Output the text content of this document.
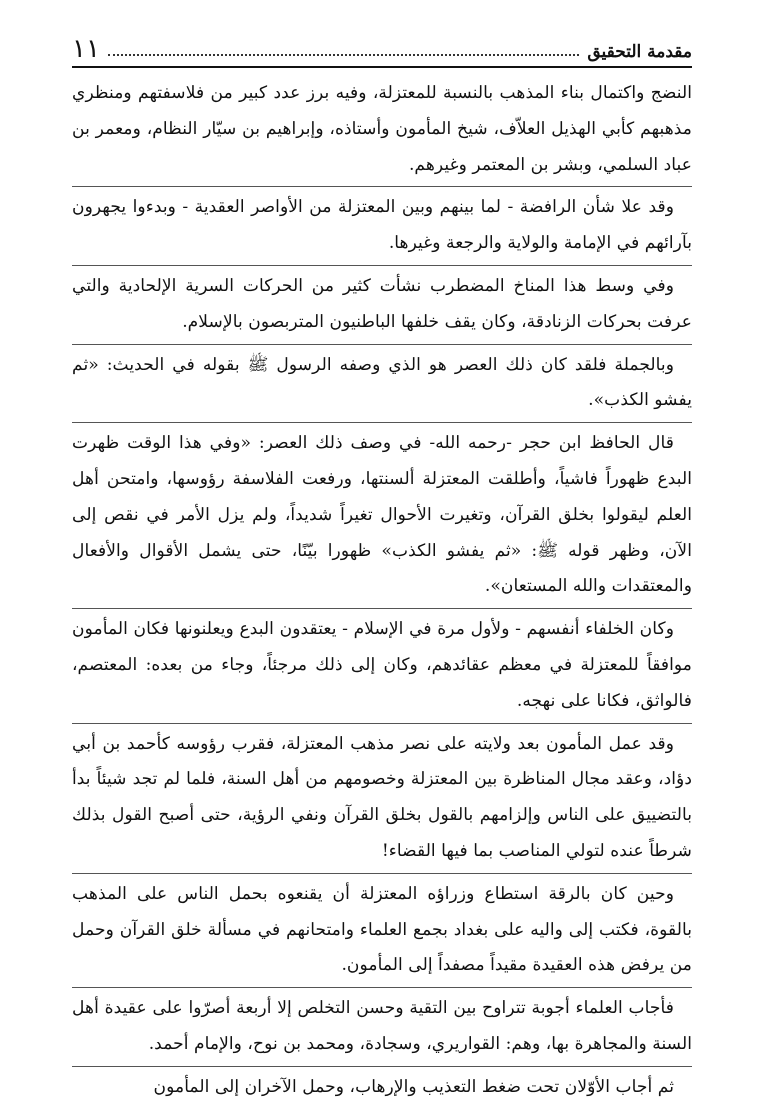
مقدمة التحقيق
١١

النضج واكتمال بناء المذهب بالنسبة للمعتزلة، وفيه برز عدد كبير من فلاسفتهم ومنظري مذهبهم كأبي الهذيل العلاّف، شيخ المأمون وأستاذه، وإبراهيم بن سيّار النظام، ومعمر بن عباد السلمي، وبشر بن المعتمر وغيرهم.

وقد علا شأن الرافضة - لما بينهم وبين المعتزلة من الأواصر العقدية - وبدءوا يجهرون بآرائهم في الإمامة والولاية والرجعة وغيرها.

وفي وسط هذا المناخ المضطرب نشأت كثير من الحركات السرية الإلحادية والتي عرفت بحركات الزنادقة، وكان يقف خلفها الباطنيون المتربصون بالإسلام.

وبالجملة فلقد كان ذلك العصر هو الذي وصفه الرسول ﷺ بقوله في الحديث: «ثم يفشو الكذب».

قال الحافظ ابن حجر -رحمه الله- في وصف ذلك العصر: «وفي هذا الوقت ظهرت البدع ظهوراً فاشياً، وأطلقت المعتزلة ألسنتها، ورفعت الفلاسفة رؤوسها، وامتحن أهل العلم ليقولوا بخلق القرآن، وتغيرت الأحوال تغيراً شديداً، ولم يزل الأمر في نقص إلى الآن، وظهر قوله ﷺ: «ثم يفشو الكذب» ظهورا بيّنًا، حتى يشمل الأقوال والأفعال والمعتقدات والله المستعان».

وكان الخلفاء أنفسهم - ولأول مرة في الإسلام - يعتقدون البدع ويعلنونها فكان المأمون موافقاً للمعتزلة في معظم عقائدهم، وكان إلى ذلك مرجئاً، وجاء من بعده: المعتصم، فالواثق، فكانا على نهجه.

وقد عمل المأمون بعد ولايته على نصر مذهب المعتزلة، فقرب رؤوسه كأحمد بن أبي دؤاد، وعقد مجال المناظرة بين المعتزلة وخصومهم من أهل السنة، فلما لم تجد شيئاً بدأ بالتضييق على الناس وإلزامهم بالقول بخلق القرآن ونفي الرؤية، حتى أصبح القول بذلك شرطاً عنده لتولي المناصب بما فيها القضاء!

وحين كان بالرقة استطاع وزراؤه المعتزلة أن يقنعوه بحمل الناس على المذهب بالقوة، فكتب إلى واليه على بغداد بجمع العلماء وامتحانهم في مسألة خلق القرآن وحمل من يرفض هذه العقيدة مقيداً مصفداً إلى المأمون.

فأجاب العلماء أجوبة تتراوح بين التقية وحسن التخلص إلا أربعة أصرّوا على عقيدة أهل السنة والمجاهرة بها، وهم: القواريري، وسجادة، ومحمد بن نوح، والإمام أحمد.

ثم أجاب الأوّلان تحت ضغط التعذيب والإرهاب، وحمل الآخران إلى المأمون
